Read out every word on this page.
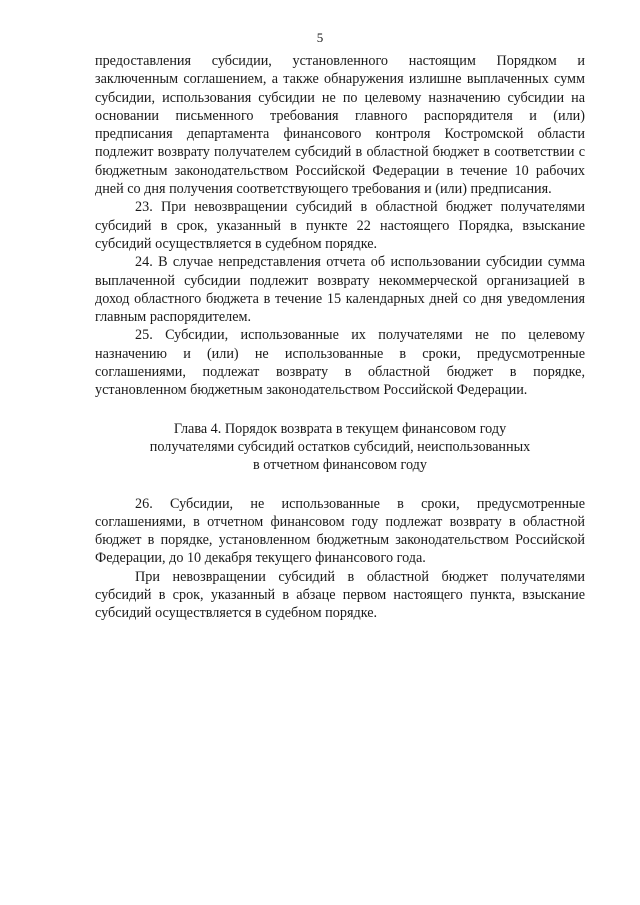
5

предоставления субсидии, установленного настоящим Порядком и заключенным соглашением, а также обнаружения излишне выплаченных сумм субсидии, использования субсидии не по целевому назначению субсидии на основании письменного требования главного распорядителя и (или) предписания департамента финансового контроля Костромской области подлежит возврату получателем субсидий в областной бюджет в соответствии с бюджетным законодательством Российской Федерации в течение 10 рабочих дней со дня получения соответствующего требования и (или) предписания.

23. При невозвращении субсидий в областной бюджет получателями субсидий в срок, указанный в пункте 22 настоящего Порядка, взыскание субсидий осуществляется в судебном порядке.

24. В случае непредставления отчета об использовании субсидии сумма выплаченной субсидии подлежит возврату некоммерческой организацией в доход областного бюджета в течение 15 календарных дней со дня уведомления главным распорядителем.

25. Субсидии, использованные их получателями не по целевому назначению и (или) не использованные в сроки, предусмотренные соглашениями, подлежат возврату в областной бюджет в порядке, установленном бюджетным законодательством Российской Федерации.

Глава 4. Порядок возврата в текущем финансовом году
получателями субсидий остатков субсидий, неиспользованных
в отчетном финансовом году

26. Субсидии, не использованные в сроки, предусмотренные соглашениями, в отчетном финансовом году подлежат возврату в областной бюджет в порядке, установленном бюджетным законодательством Российской Федерации, до 10 декабря текущего финансового года.

При невозвращении субсидий в областной бюджет получателями субсидий в срок, указанный в абзаце первом настоящего пункта, взыскание субсидий осуществляется в судебном порядке.
